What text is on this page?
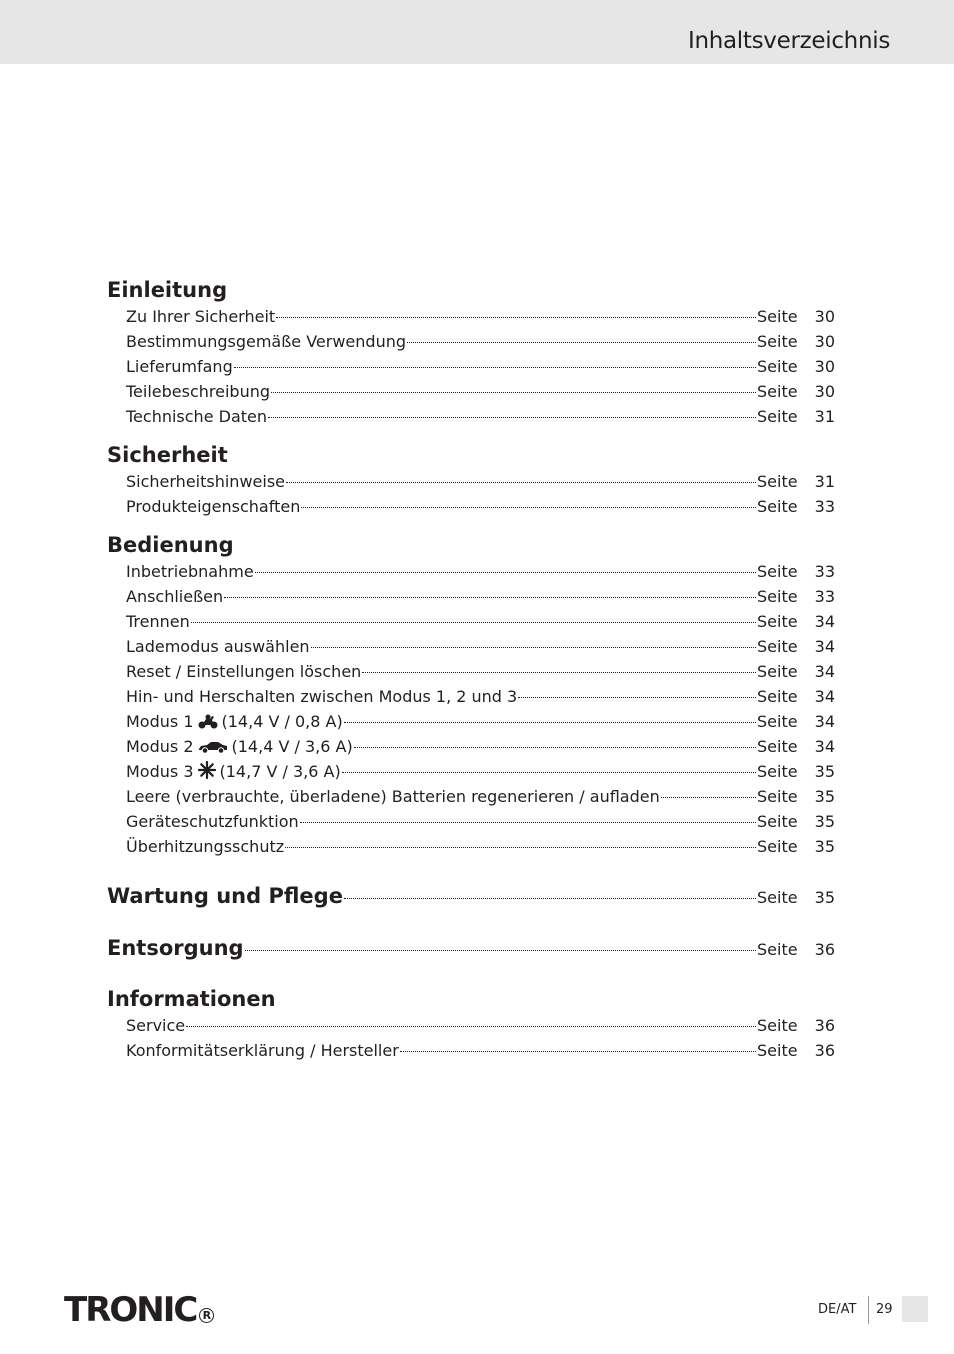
Inhaltsverzeichnis
Einleitung
Zu Ihrer Sicherheit	Seite	30
Bestimmungsgemäße Verwendung	Seite	30
Lieferumfang	Seite	30
Teilebeschreibung	Seite	30
Technische Daten	Seite	31
Sicherheit
Sicherheitshinweise	Seite	31
Produkteigenschaften	Seite	33
Bedienung
Inbetriebnahme	Seite	33
Anschließen	Seite	33
Trennen	Seite	34
Lademodus auswählen	Seite	34
Reset / Einstellungen löschen	Seite	34
Hin- und Herschalten zwischen Modus 1, 2 und 3	Seite	34
Modus 1 (14,4 V / 0,8 A)	Seite	34
Modus 2 (14,4 V / 3,6 A)	Seite	34
Modus 3 (14,7 V / 3,6 A)	Seite	35
Leere (verbrauchte, überladene) Batterien regenerieren / aufladen	Seite	35
Geräteschutzfunktion	Seite	35
Überhitzungsschutz	Seite	35
Wartung und Pflege	Seite	35
Entsorgung	Seite	36
Informationen
Service	Seite	36
Konformitätserklärung / Hersteller	Seite	36
TRONIC R	DE/AT 29
